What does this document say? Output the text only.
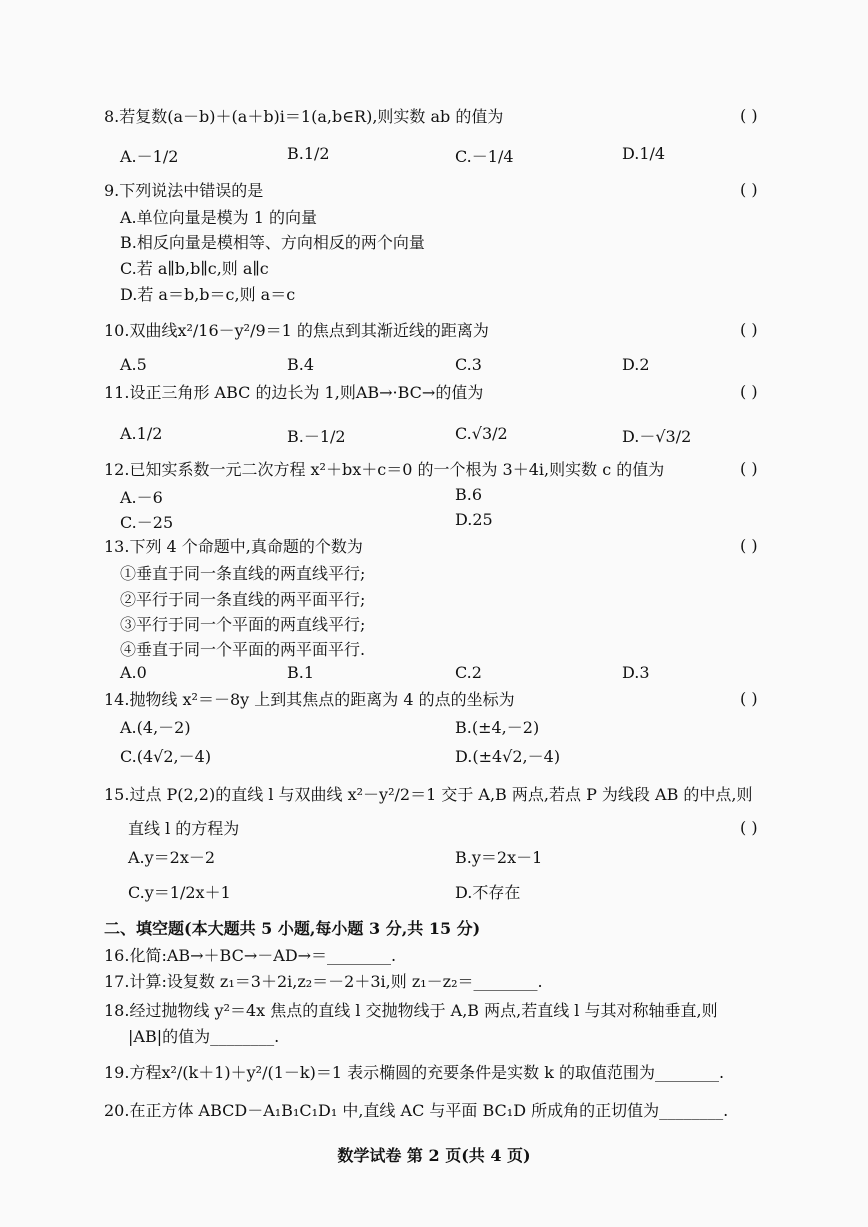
8.若复数(a－b)＋(a＋b)i＝1(a,b∈R),则实数 ab 的值为	( )
A.－1/2	B.1/2	C.－1/4	D.1/4
9.下列说法中错误的是	( )
A.单位向量是模为 1 的向量
B.相反向量是模相等、方向相反的两个向量
C.若 a∥b,b∥c,则 a∥c
D.若 a＝b,b＝c,则 a＝c
10.双曲线x²/16－y²/9＝1 的焦点到其渐近线的距离为	( )
A.5	B.4	C.3	D.2
11.设正三角形 ABC 的边长为 1,则AB→·BC→的值为	( )
A.1/2	B.－1/2	C.√3/2	D.－√3/2
12.已知实系数一元二次方程 x²＋bx＋c＝0 的一个根为 3＋4i,则实数 c 的值为	( )
A.－6	B.6
C.－25	D.25
13.下列 4 个命题中,真命题的个数为	( )
①垂直于同一条直线的两直线平行;
②平行于同一条直线的两平面平行;
③平行于同一个平面的两直线平行;
④垂直于同一个平面的两平面平行.
A.0	B.1	C.2	D.3
14.抛物线 x²＝－8y 上到其焦点的距离为 4 的点的坐标为	( )
A.(4,－2)	B.(±4,－2)
C.(4√2,－4)	D.(±4√2,－4)
15.过点 P(2,2)的直线 l 与双曲线 x²－y²/2＝1 交于 A,B 两点,若点 P 为线段 AB 的中点,则
直线 l 的方程为	( )
A.y＝2x－2	B.y＝2x－1
C.y＝1/2x＋1	D.不存在
二、填空题(本大题共 5 小题,每小题 3 分,共 15 分)
16.化简:AB→＋BC→－AD→＝________.
17.计算:设复数 z₁＝3＋2i,z₂＝－2＋3i,则 z₁－z₂＝________.
18.经过抛物线 y²＝4x 焦点的直线 l 交抛物线于 A,B 两点,若直线 l 与其对称轴垂直,则
|AB|的值为________.
19.方程x²/(k＋1)＋y²/(1－k)＝1 表示椭圆的充要条件是实数 k 的取值范围为________.
20.在正方体 ABCD－A₁B₁C₁D₁ 中,直线 AC 与平面 BC₁D 所成角的正切值为________.
数学试卷 第 2 页(共 4 页)
